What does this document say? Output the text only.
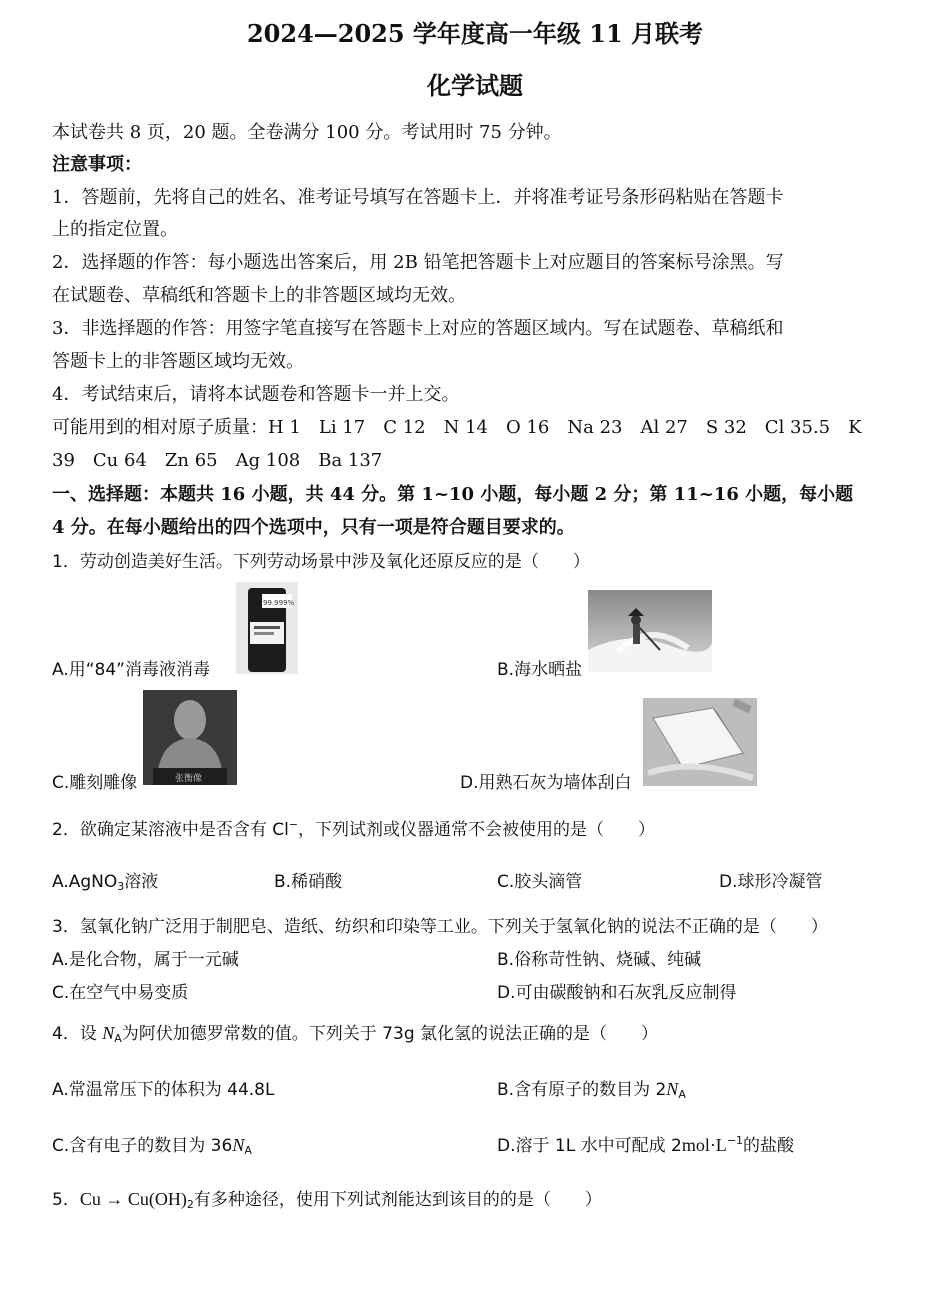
2024—2025 学年度高一年级 11 月联考
化学试题
本试卷共 8 页，20 题。全卷满分 100 分。考试用时 75 分钟。
注意事项：
1．答题前，先将自己的姓名、准考证号填写在答题卡上．并将准考证号条形码粘贴在答题卡
上的指定位置。
2．选择题的作答：每小题选出答案后，用 2B 铅笔把答题卡上对应题目的答案标号涂黑。写
在试题卷、草稿纸和答题卡上的非答题区域均无效。
3．非选择题的作答：用签字笔直接写在答题卡上对应的答题区域内。写在试题卷、草稿纸和
答题卡上的非答题区域均无效。
4．考试结束后，请将本试题卷和答题卡一并上交。
可能用到的相对原子质量：H 1　Li 17　C 12　N 14　O 16　Na 23　Al 27　S 32　Cl 35.5　K
39　Cu 64　Zn 65　Ag 108　Ba 137
一、选择题：本题共 16 小题，共 44 分。第 1~10 小题，每小题 2 分；第 11~16 小题，每小题
4 分。在每小题给出的四个选项中，只有一项是符合题目要求的。
1．劳动创造美好生活。下列劳动场景中涉及氧化还原反应的是（　　）
A.用“84”消毒液消毒
99.999%
B.海水晒盐
C.雕刻雕像	张衡像	D.用熟石灰为墙体刮白
2．欲确定某溶液中是否含有 Cl−，下列试剂或仪器通常不会被使用的是（　　）
A.AgNO$_3$溶液	B.稀硝酸	C.胶头滴管	D.球形冷凝管
3．氢氧化钠广泛用于制肥皂、造纸、纺织和印染等工业。下列关于氢氧化钠的说法不正确的是（　　）
A.是化合物，属于一元碱	B.俗称苛性钠、烧碱、纯碱
C.在空气中易变质	D.可由碳酸钠和石灰乳反应制得
4．设 $N_A$为阿伏加德罗常数的值。下列关于 73g 氯化氢的说法正确的是（　　）
A.常温常压下的体积为 44.8L	B.含有原子的数目为 $2N_A$
C.含有电子的数目为 $36N_A$	D.溶于 1L 水中可配成 $2mol\cdot L^{-1}$的盐酸
5．$Cu \to Cu(OH)_2$有多种途径，使用下列试剂能达到该目的的是（　　）
